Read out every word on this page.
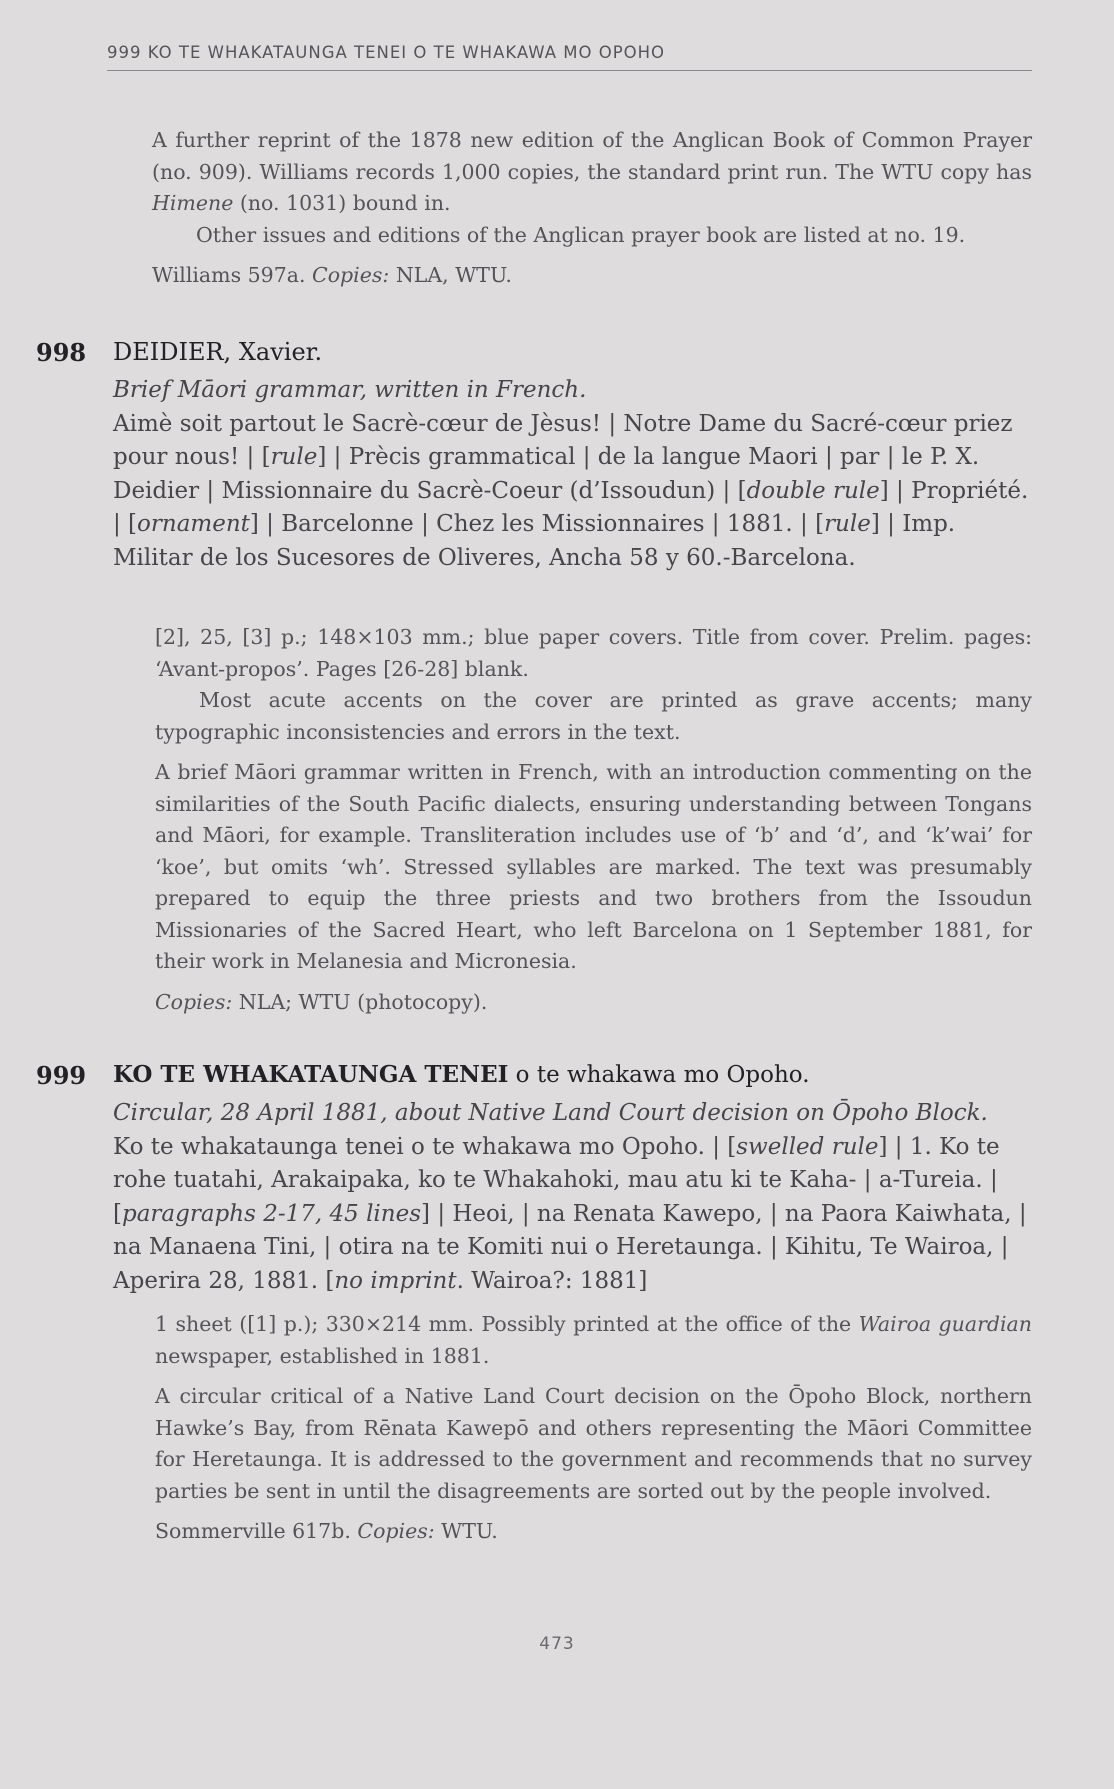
999 KO TE WHAKATAUNGA TENEI O TE WHAKAWA MO OPOHO

A further reprint of the 1878 new edition of the Anglican Book of Common Prayer (no. 909). Williams records 1,000 copies, the standard print run. The WTU copy has Himene (no. 1031) bound in.

Other issues and editions of the Anglican prayer book are listed at no. 19.

Williams 597a. Copies: NLA, WTU.

998 DEIDIER, Xavier.
Brief Māori grammar, written in French.
Aimè soit partout le Sacrè-cœur de Jèsus! | Notre Dame du Sacré-cœur priez pour nous! | [rule] | Prècis grammatical | de la langue Maori | par | le P. X. Deidier | Missionnaire du Sacrè-Coeur (d’Issoudun) | [double rule] | Propriété. | [ornament] | Barcelonne | Chez les Missionnaires | 1881. | [rule] | Imp. Militar de los Sucesores de Oliveres, Ancha 58 y 60.-Barcelona.

[2], 25, [3] p.; 148×103 mm.; blue paper covers. Title from cover. Prelim. pages: ‘Avant-propos’. Pages [26-28] blank.

Most acute accents on the cover are printed as grave accents; many typographic inconsistencies and errors in the text.

A brief Māori grammar written in French, with an introduction commenting on the similarities of the South Pacific dialects, ensuring understanding between Tongans and Māori, for example. Transliteration includes use of ‘b’ and ‘d’, and ‘k’wai’ for ‘koe’, but omits ‘wh’. Stressed syllables are marked. The text was presumably prepared to equip the three priests and two brothers from the Issoudun Missionaries of the Sacred Heart, who left Barcelona on 1 September 1881, for their work in Melanesia and Micronesia.

Copies: NLA; WTU (photocopy).

999 KO TE WHAKATAUNGA TENEI o te whakawa mo Opoho.
Circular, 28 April 1881, about Native Land Court decision on Ōpoho Block.
Ko te whakataunga tenei o te whakawa mo Opoho. | [swelled rule] | 1. Ko te rohe tuatahi, Arakaipaka, ko te Whakahoki, mau atu ki te Kaha- | a-Tureia. | [paragraphs 2-17, 45 lines] | Heoi, | na Renata Kawepo, | na Paora Kaiwhata, | na Manaena Tini, | otira na te Komiti nui o Heretaunga. | Kihitu, Te Wairoa, | Aperira 28, 1881. [no imprint. Wairoa?: 1881]

1 sheet ([1] p.); 330×214 mm. Possibly printed at the office of the Wairoa guardian newspaper, established in 1881.

A circular critical of a Native Land Court decision on the Ōpoho Block, northern Hawke’s Bay, from Rēnata Kawepō and others representing the Māori Committee for Heretaunga. It is addressed to the government and recommends that no survey parties be sent in until the disagreements are sorted out by the people involved.

Sommerville 617b. Copies: WTU.

473
